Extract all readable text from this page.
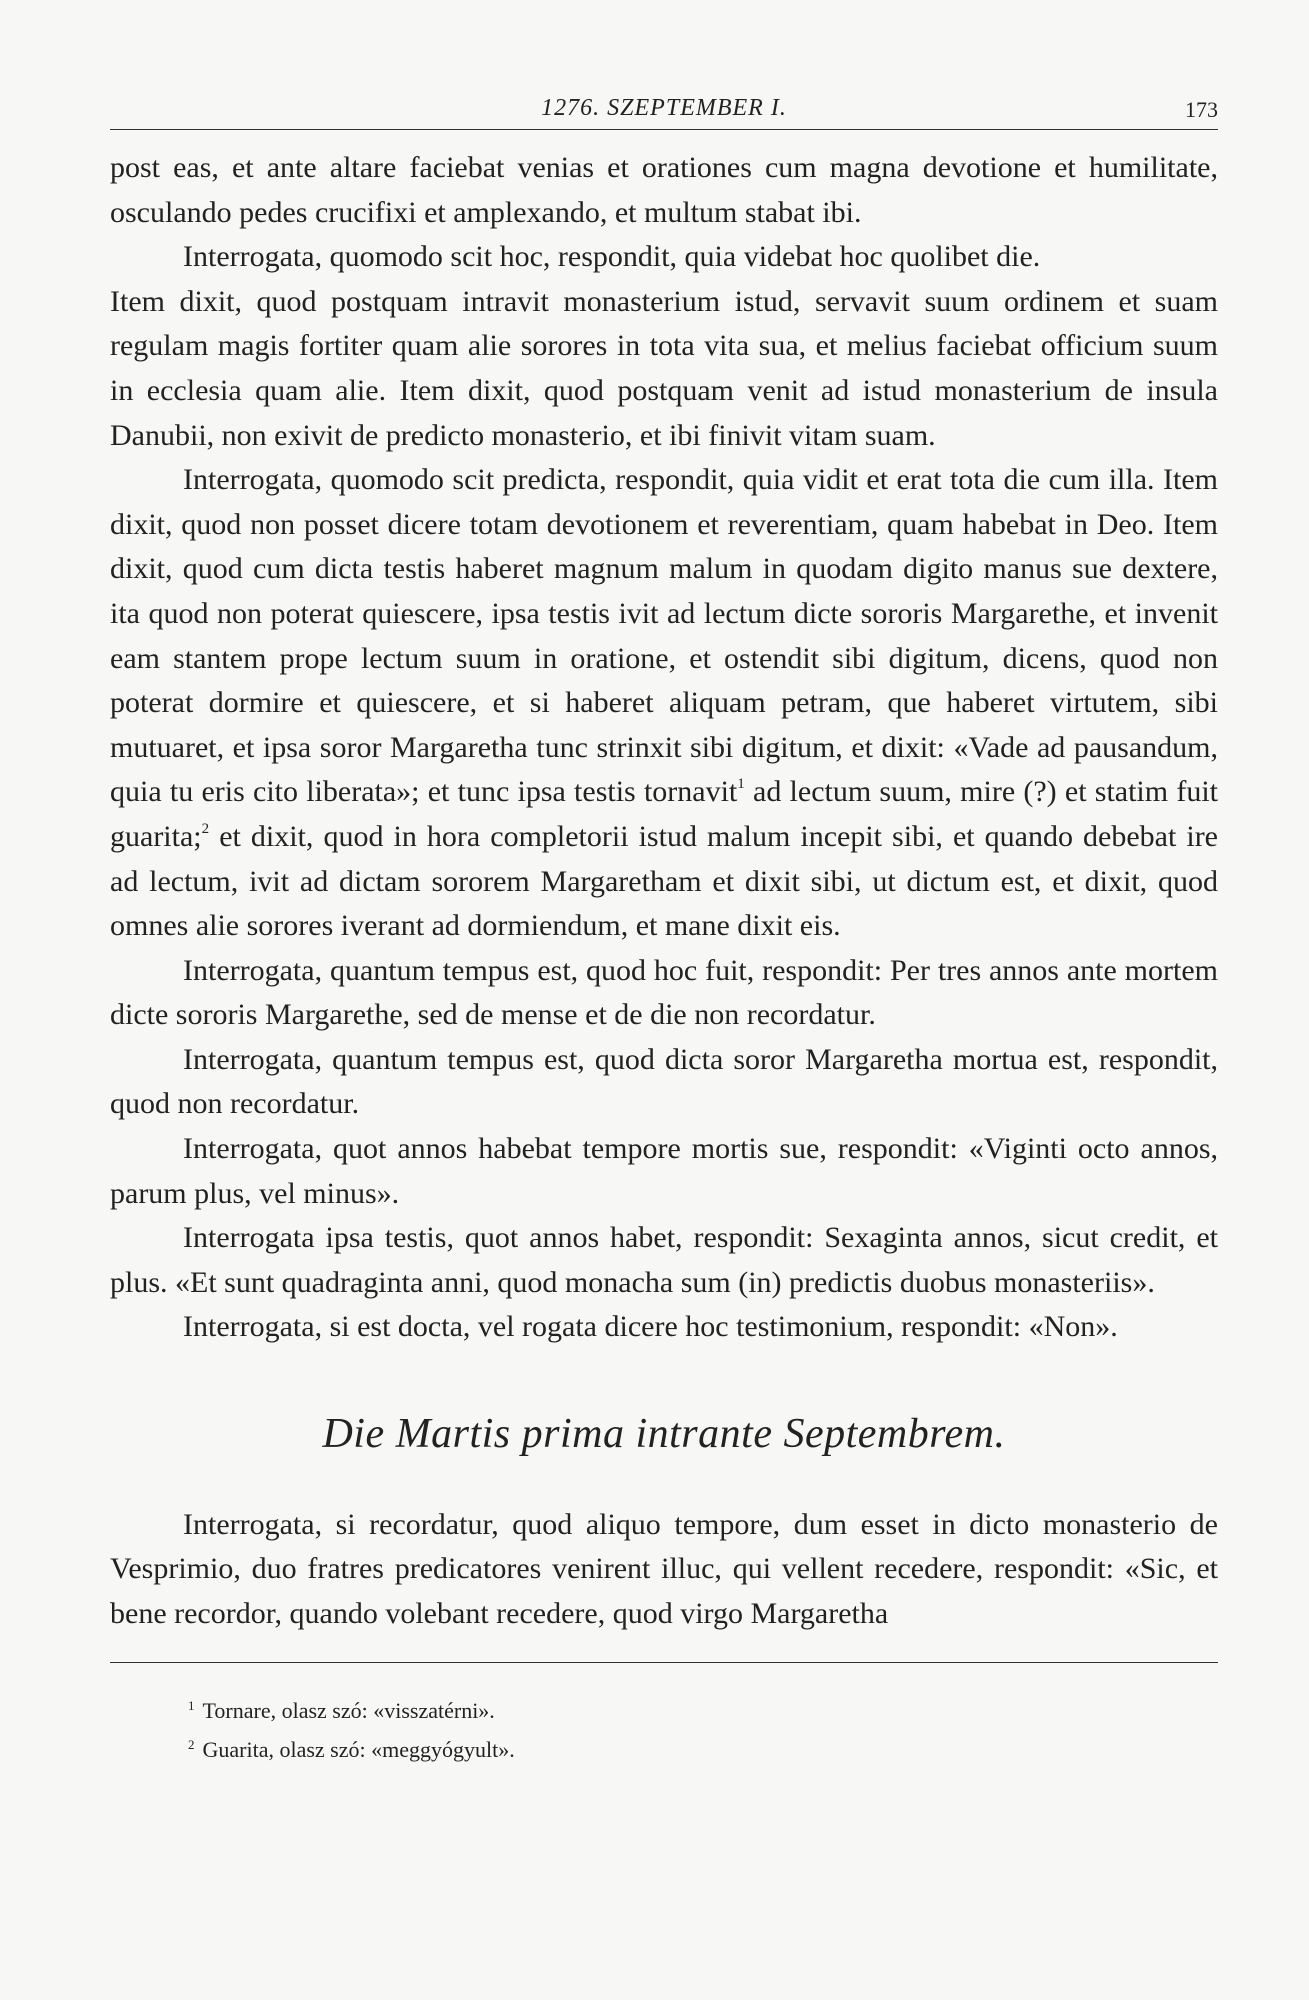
1276. SZEPTEMBER I.	173

post eas, et ante altare faciebat venias et orationes cum magna devotione et humilitate, osculando pedes crucifixi et amplexando, et multum stabat ibi.

Interrogata, quomodo scit hoc, respondit, quia videbat hoc quolibet die.

Item dixit, quod postquam intravit monasterium istud, servavit suum ordinem et suam regulam magis fortiter quam alie sorores in tota vita sua, et melius faciebat officium suum in ecclesia quam alie. Item dixit, quod postquam venit ad istud monasterium de insula Danubii, non exivit de predicto monasterio, et ibi finivit vitam suam.

Interrogata, quomodo scit predicta, respondit, quia vidit et erat tota die cum illa. Item dixit, quod non posset dicere totam devotionem et reverentiam, quam habebat in Deo. Item dixit, quod cum dicta testis haberet magnum malum in quodam digito manus sue dextere, ita quod non poterat quiescere, ipsa testis ivit ad lectum dicte sororis Margarethe, et invenit eam stantem prope lectum suum in oratione, et ostendit sibi digitum, dicens, quod non poterat dormire et quiescere, et si haberet aliquam petram, que haberet virtutem, sibi mutuaret, et ipsa soror Margaretha tunc strinxit sibi digitum, et dixit: «Vade ad pausandum, quia tu eris cito liberata»; et tunc ipsa testis tornavit$^1$ ad lectum suum, mire (?) et statim fuit guarita;$^2$ et dixit, quod in hora completorii istud malum incepit sibi, et quando debebat ire ad lectum, ivit ad dictam sororem Margaretham et dixit sibi, ut dictum est, et dixit, quod omnes alie sorores iverant ad dormiendum, et mane dixit eis.

Interrogata, quantum tempus est, quod hoc fuit, respondit: Per tres annos ante mortem dicte sororis Margarethe, sed de mense et de die non recordatur.

Interrogata, quantum tempus est, quod dicta soror Margaretha mortua est, respondit, quod non recordatur.

Interrogata, quot annos habebat tempore mortis sue, respondit: «Viginti octo annos, parum plus, vel minus».

Interrogata ipsa testis, quot annos habet, respondit: Sexaginta annos, sicut credit, et plus. «Et sunt quadraginta anni, quod monacha sum (in) predictis duobus monasteriis».

Interrogata, si est docta, vel rogata dicere hoc testimonium, respondit: «Non».

Die Martis prima intrante Septembrem.

Interrogata, si recordatur, quod aliquo tempore, dum esset in dicto monasterio de Vesprimio, duo fratres predicatores venirent illuc, qui vellent recedere, respondit: «Sic, et bene recordor, quando volebant recedere, quod virgo Margaretha

$^1$ Tornare, olasz szó: «visszatérni».
$^2$ Guarita, olasz szó: «meggyógyult».
